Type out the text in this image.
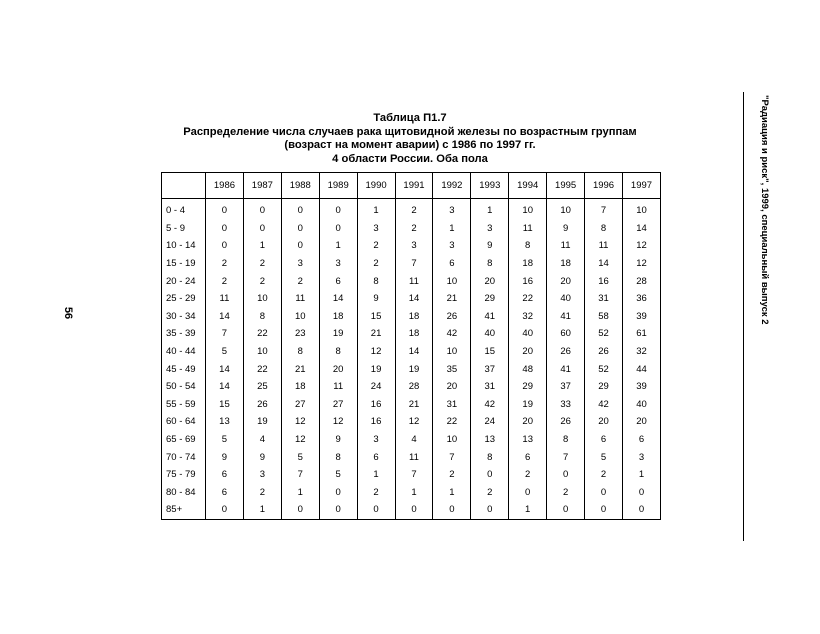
56	"Радиация и риск", 1999, специальный выпуск 2
Таблица П1.7
Распределение числа случаев рака щитовидной железы по возрастным группам
(возраст на момент аварии) с 1986 по 1997 гг.
4 области России. Оба пола
	1986	1987	1988	1989	1990	1991	1992	1993	1994	1995	1996	1997

0 - 4	0	0	0	0	1	2	3	1	10	10	7	10
5 - 9	0	0	0	0	3	2	1	3	11	9	8	14
10 - 14	0	1	0	1	2	3	3	9	8	11	11	12
15 - 19	2	2	3	3	2	7	6	8	18	18	14	12
20 - 24	2	2	2	6	8	11	10	20	16	20	16	28
25 - 29	11	10	11	14	9	14	21	29	22	40	31	36
30 - 34	14	8	10	18	15	18	26	41	32	41	58	39
35 - 39	7	22	23	19	21	18	42	40	40	60	52	61
40 - 44	5	10	8	8	12	14	10	15	20	26	26	32
45 - 49	14	22	21	20	19	19	35	37	48	41	52	44
50 - 54	14	25	18	11	24	28	20	31	29	37	29	39
55 - 59	15	26	27	27	16	21	31	42	19	33	42	40
60 - 64	13	19	12	12	16	12	22	24	20	26	20	20
65 - 69	5	4	12	9	3	4	10	13	13	8	6	6
70 - 74	9	9	5	8	6	11	7	8	6	7	5	3
75 - 79	6	3	7	5	1	7	2	0	2	0	2	1
80 - 84	6	2	1	0	2	1	1	2	0	2	0	0
85+	0	1	0	0	0	0	0	0	1	0	0	0
